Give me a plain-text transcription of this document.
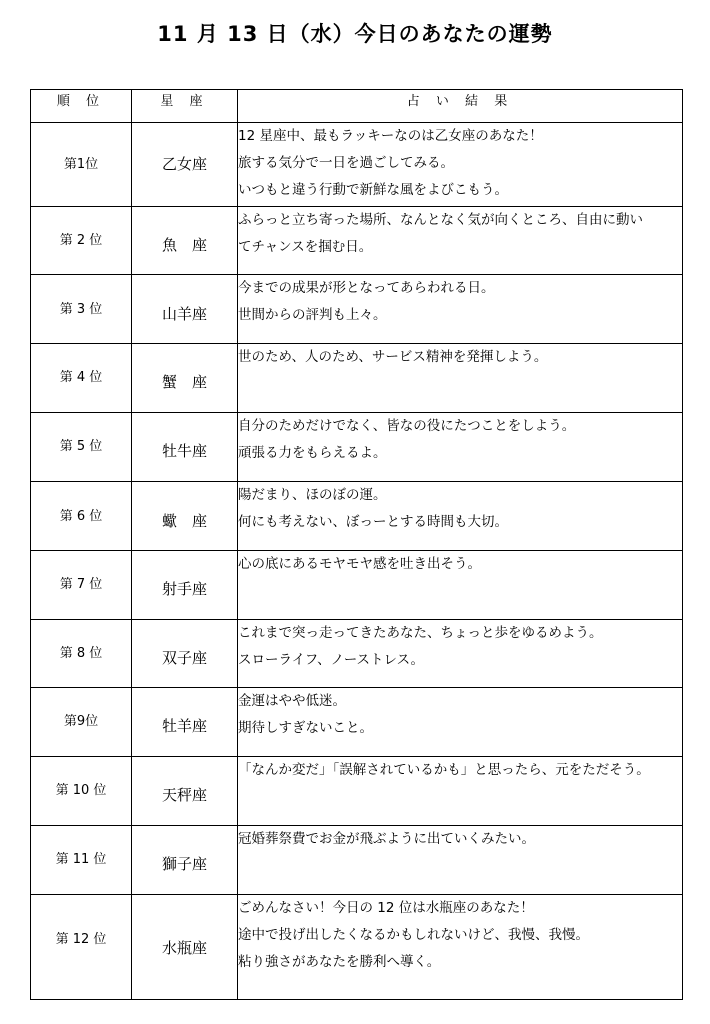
11 月 13 日（水）今日のあなたの運勢
順 位	星 座	占 い 結 果

第1位	乙女座	12 星座中、最もラッキーなのは乙女座のあなた！
旅する気分で一日を過ごしてみる。
いつもと違う行動で新鮮な風をよびこもう。

第 2 位	魚　座	ふらっと立ち寄った場所、なんとなく気が向くところ、自由に動い
てチャンスを掴む日。

第 3 位	山羊座	今までの成果が形となってあらわれる日。
世間からの評判も上々。

第 4 位	蟹　座	世のため、人のため、サービス精神を発揮しよう。

第 5 位	牡牛座	自分のためだけでなく、皆なの役にたつことをしよう。
頑張る力をもらえるよ。

第 6 位	蠍　座	陽だまり、ほのぼの運。
何にも考えない、ぼっーとする時間も大切。

第 7 位	射手座	心の底にあるモヤモヤ感を吐き出そう。

第 8 位	双子座	これまで突っ走ってきたあなた、ちょっと歩をゆるめよう。
スローライフ、ノーストレス。

第9位	牡羊座	金運はやや低迷。
期待しすぎないこと。

第 10 位	天秤座	「なんか変だ」「誤解されているかも」と思ったら、元をただそう。

第 11 位	獅子座	冠婚葬祭費でお金が飛ぶように出ていくみたい。

第 12 位	水瓶座	ごめんなさい！今日の 12 位は水瓶座のあなた！
途中で投げ出したくなるかもしれないけど、我慢、我慢。
粘り強さがあなたを勝利へ導く。
